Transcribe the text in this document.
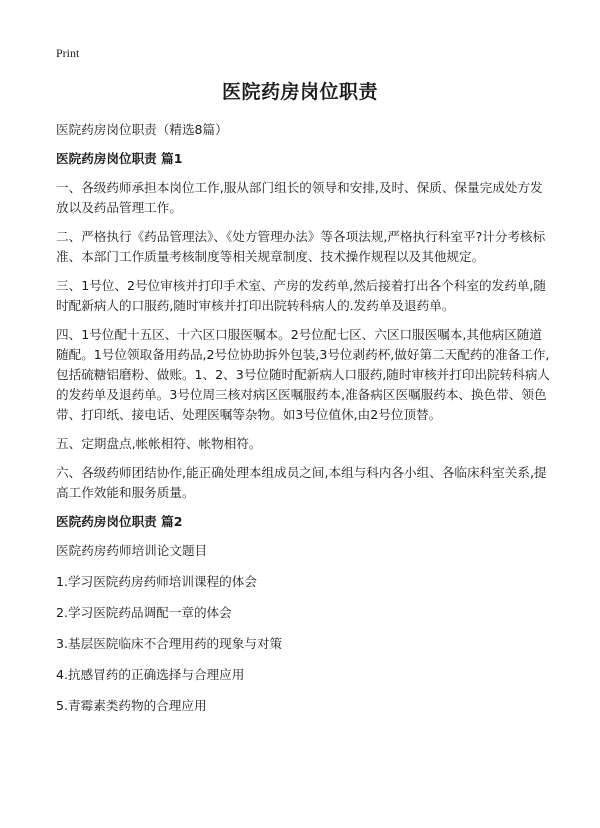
Print
医院药房岗位职责

医院药房岗位职责（精选8篇）

医院药房岗位职责 篇1

一、各级药师承担本岗位工作,服从部门组长的领导和安排,及时、保质、保量完成处方发放以及药品管理工作。

二、严格执行《药品管理法》、《处方管理办法》等各项法规,严格执行科室平?计分考核标准、本部门工作质量考核制度等相关规章制度、技术操作规程以及其他规定。

三、1号位、2号位审核并打印手术室、产房的发药单,然后接着打出各个科室的发药单,随时配新病人的口服药,随时审核并打印出院转科病人的.发药单及退药单。

四、1号位配十五区、十六区口服医嘱本。2号位配七区、六区口服医嘱本,其他病区随道随配。1号位领取备用药品,2号位协助拆外包装,3号位剥药杯,做好第二天配药的准备工作,包括硫糖铝磨粉、做账。1、2、3号位随时配新病人口服药,随时审核并打印出院转科病人的发药单及退药单。3号位周三核对病区医嘱服药本,准备病区医嘱服药本、换色带、领色带、打印纸、接电话、处理医嘱等杂物。如3号位值休,由2号位顶替。

五、定期盘点,帐帐相符、帐物相符。

六、各级药师团结协作,能正确处理本组成员之间,本组与科内各小组、各临床科室关系,提高工作效能和服务质量。

医院药房岗位职责 篇2

医院药房药师培训论文题目

1.学习医院药房药师培训课程的体会

2.学习医院药品调配一章的体会

3.基层医院临床不合理用药的现象与对策

4.抗感冒药的正确选择与合理应用

5.青霉素类药物的合理应用
